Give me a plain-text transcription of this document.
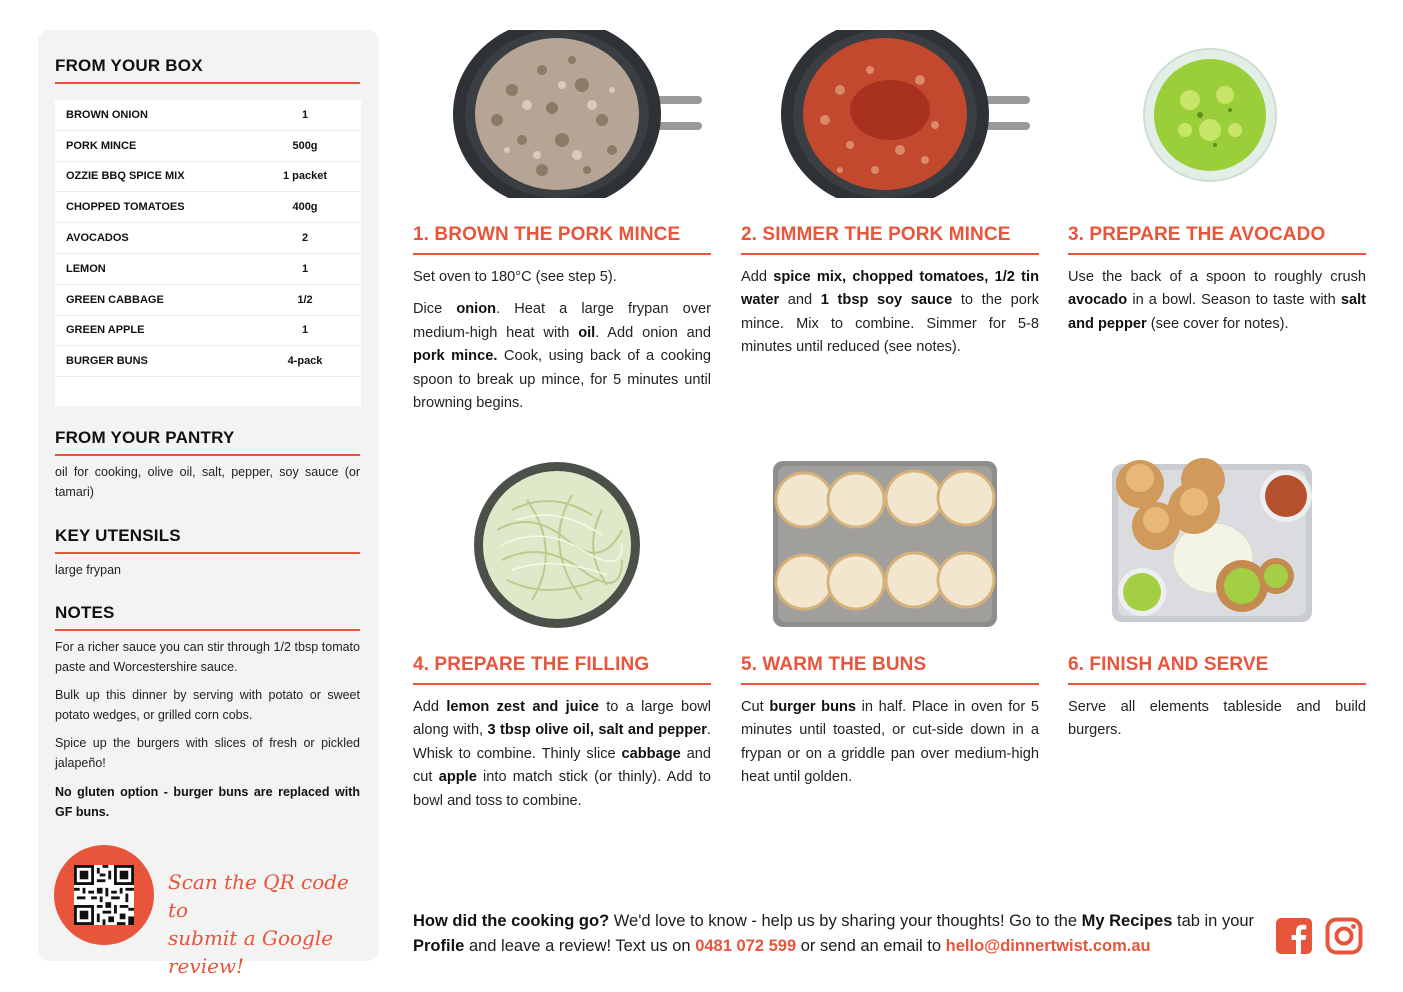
FROM YOUR BOX
BROWN ONION	1
PORK MINCE	500g
OZZIE BBQ SPICE MIX	1 packet
CHOPPED TOMATOES	400g
AVOCADOS	2
LEMON	1
GREEN CABBAGE	1/2
GREEN APPLE	1
BURGER BUNS	4-pack
FROM YOUR PANTRY
oil for cooking, olive oil, salt, pepper, soy sauce (or tamari)
KEY UTENSILS
large frypan
NOTES
For a richer sauce you can stir through 1/2 tbsp tomato paste and Worcestershire sauce.
Bulk up this dinner by serving with potato or sweet potato wedges, or grilled corn cobs.
Spice up the burgers with slices of fresh or pickled jalapeño!
No gluten option - burger buns are replaced with GF buns.
Scan the QR code to
submit a Google review!
1. BROWN THE PORK MINCE

Set oven to 180°C (see step 5).

Dice onion. Heat a large frypan over medium-high heat with oil. Add onion and pork mince. Cook, using back of a cooking spoon to break up mince, for 5 minutes until browning begins.

2. SIMMER THE PORK MINCE

Add spice mix, chopped tomatoes, 1/2 tin water and 1 tbsp soy sauce to the pork mince. Mix to combine. Simmer for 5-8 minutes until reduced (see notes).

3. PREPARE THE AVOCADO

Use the back of a spoon to roughly crush avocado in a bowl. Season to taste with salt and pepper (see cover for notes).

4. PREPARE THE FILLING

Add lemon zest and juice to a large bowl along with, 3 tbsp olive oil, salt and pepper. Whisk to combine. Thinly slice cabbage and cut apple into match stick (or thinly). Add to bowl and toss to combine.

5. WARM THE BUNS

Cut burger buns in half. Place in oven for 5 minutes until toasted, or cut-side down in a frypan or on a griddle pan over medium-high heat until golden.

6. FINISH AND SERVE

Serve all elements tableside and build burgers.

How did the cooking go? We'd love to know - help us by sharing your thoughts! Go to the My Recipes tab in your Profile and leave a review! Text us on 0481 072 599 or send an email to hello@dinnertwist.com.au
